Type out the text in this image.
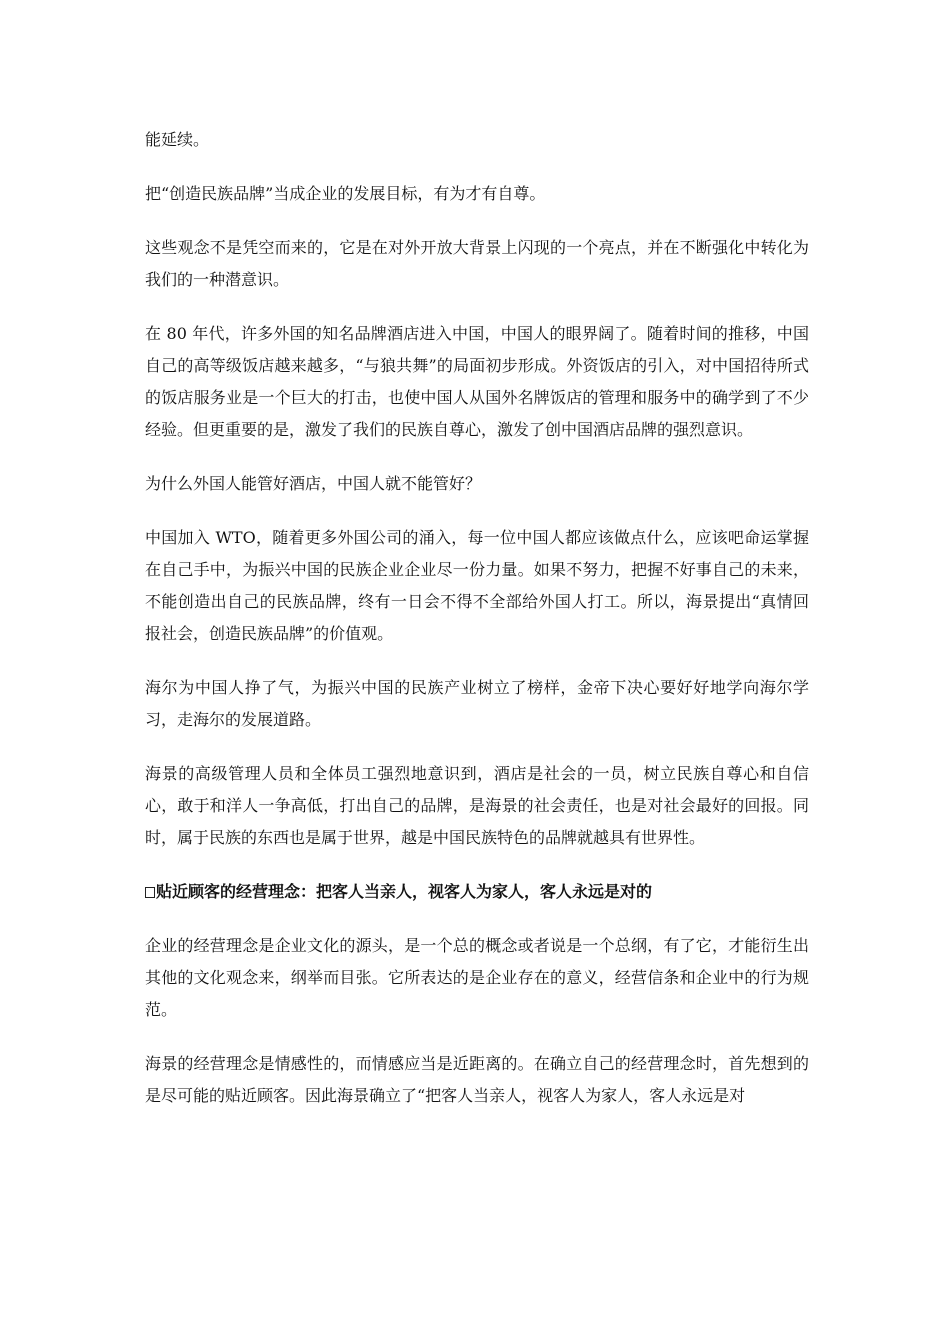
能延续。

把“创造民族品牌”当成企业的发展目标，有为才有自尊。

这些观念不是凭空而来的，它是在对外开放大背景上闪现的一个亮点，并在不断强化中转化为我们的一种潜意识。

在 80 年代，许多外国的知名品牌酒店进入中国，中国人的眼界阔了。随着时间的推移，中国自己的高等级饭店越来越多，“与狼共舞”的局面初步形成。外资饭店的引入，对中国招待所式的饭店服务业是一个巨大的打击，也使中国人从国外名牌饭店的管理和服务中的确学到了不少经验。但更重要的是，激发了我们的民族自尊心，激发了创中国酒店品牌的强烈意识。

为什么外国人能管好酒店，中国人就不能管好？

中国加入 WTO，随着更多外国公司的涌入，每一位中国人都应该做点什么，应该吧命运掌握在自己手中，为振兴中国的民族企业企业尽一份力量。如果不努力，把握不好事自己的未来，不能创造出自己的民族品牌，终有一日会不得不全部给外国人打工。所以，海景提出“真情回报社会，创造民族品牌”的价值观。

海尔为中国人挣了气，为振兴中国的民族产业树立了榜样，金帝下决心要好好地学向海尔学习，走海尔的发展道路。

海景的高级管理人员和全体员工强烈地意识到，酒店是社会的一员，树立民族自尊心和自信心，敢于和洋人一争高低，打出自己的品牌，是海景的社会责任，也是对社会最好的回报。同时，属于民族的东西也是属于世界，越是中国民族特色的品牌就越具有世界性。

贴近顾客的经营理念：把客人当亲人，视客人为家人，客人永远是对的

企业的经营理念是企业文化的源头，是一个总的概念或者说是一个总纲，有了它，才能衍生出其他的文化观念来，纲举而目张。它所表达的是企业存在的意义，经营信条和企业中的行为规范。

海景的经营理念是情感性的，而情感应当是近距离的。在确立自己的经营理念时，首先想到的是尽可能的贴近顾客。因此海景确立了“把客人当亲人，视客人为家人，客人永远是对
